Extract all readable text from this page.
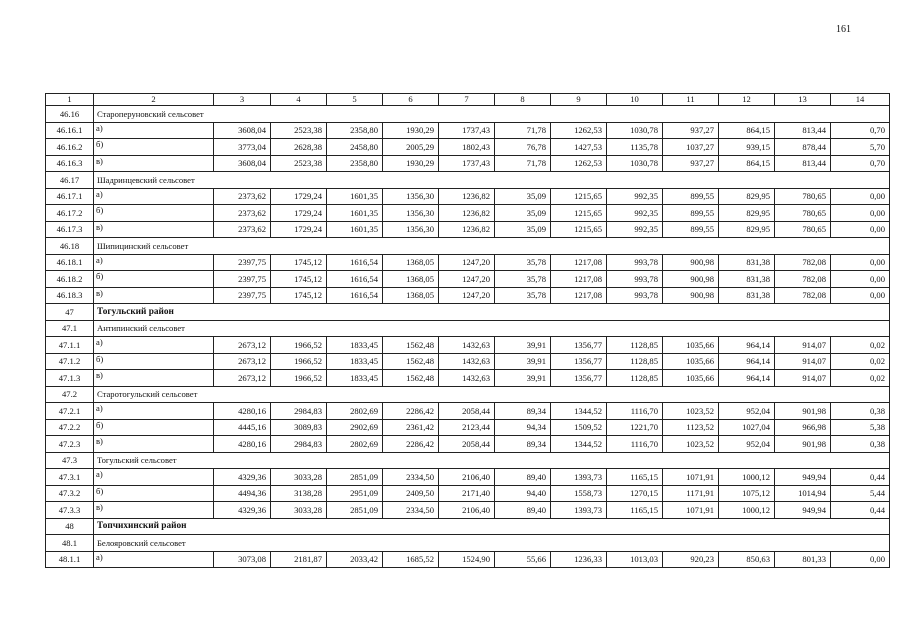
161
1	2	3	4	5	6	7	8	9	10	11	12	13	14
46.16	Староперуновский сельсовет												
46.16.1	а)	3608,04	2523,38	2358,80	1930,29	1737,43	71,78	1262,53	1030,78	937,27	864,15	813,44	0,70
46.16.2	б)	3773,04	2628,38	2458,80	2005,29	1802,43	76,78	1427,53	1135,78	1037,27	939,15	878,44	5,70
46.16.3	в)	3608,04	2523,38	2358,80	1930,29	1737,43	71,78	1262,53	1030,78	937,27	864,15	813,44	0,70
46.17	Шадринцевский сельсовет												
46.17.1	а)	2373,62	1729,24	1601,35	1356,30	1236,82	35,09	1215,65	992,35	899,55	829,95	780,65	0,00
46.17.2	б)	2373,62	1729,24	1601,35	1356,30	1236,82	35,09	1215,65	992,35	899,55	829,95	780,65	0,00
46.17.3	в)	2373,62	1729,24	1601,35	1356,30	1236,82	35,09	1215,65	992,35	899,55	829,95	780,65	0,00
46.18	Шипицинский сельсовет												
46.18.1	а)	2397,75	1745,12	1616,54	1368,05	1247,20	35,78	1217,08	993,78	900,98	831,38	782,08	0,00
46.18.2	б)	2397,75	1745,12	1616,54	1368,05	1247,20	35,78	1217,08	993,78	900,98	831,38	782,08	0,00
46.18.3	в)	2397,75	1745,12	1616,54	1368,05	1247,20	35,78	1217,08	993,78	900,98	831,38	782,08	0,00
47	Тогульский район												
47.1	Антипинский сельсовет												
47.1.1	а)	2673,12	1966,52	1833,45	1562,48	1432,63	39,91	1356,77	1128,85	1035,66	964,14	914,07	0,02
47.1.2	б)	2673,12	1966,52	1833,45	1562,48	1432,63	39,91	1356,77	1128,85	1035,66	964,14	914,07	0,02
47.1.3	в)	2673,12	1966,52	1833,45	1562,48	1432,63	39,91	1356,77	1128,85	1035,66	964,14	914,07	0,02
47.2	Старотогульский сельсовет												
47.2.1	а)	4280,16	2984,83	2802,69	2286,42	2058,44	89,34	1344,52	1116,70	1023,52	952,04	901,98	0,38
47.2.2	б)	4445,16	3089,83	2902,69	2361,42	2123,44	94,34	1509,52	1221,70	1123,52	1027,04	966,98	5,38
47.2.3	в)	4280,16	2984,83	2802,69	2286,42	2058,44	89,34	1344,52	1116,70	1023,52	952,04	901,98	0,38
47.3	Тогульский сельсовет												
47.3.1	а)	4329,36	3033,28	2851,09	2334,50	2106,40	89,40	1393,73	1165,15	1071,91	1000,12	949,94	0,44
47.3.2	б)	4494,36	3138,28	2951,09	2409,50	2171,40	94,40	1558,73	1270,15	1171,91	1075,12	1014,94	5,44
47.3.3	в)	4329,36	3033,28	2851,09	2334,50	2106,40	89,40	1393,73	1165,15	1071,91	1000,12	949,94	0,44
48	Топчихинский район												
48.1	Белояровский сельсовет												
48.1.1	а)	3073,08	2181,87	2033,42	1685,52	1524,90	55,66	1236,33	1013,03	920,23	850,63	801,33	0,00
